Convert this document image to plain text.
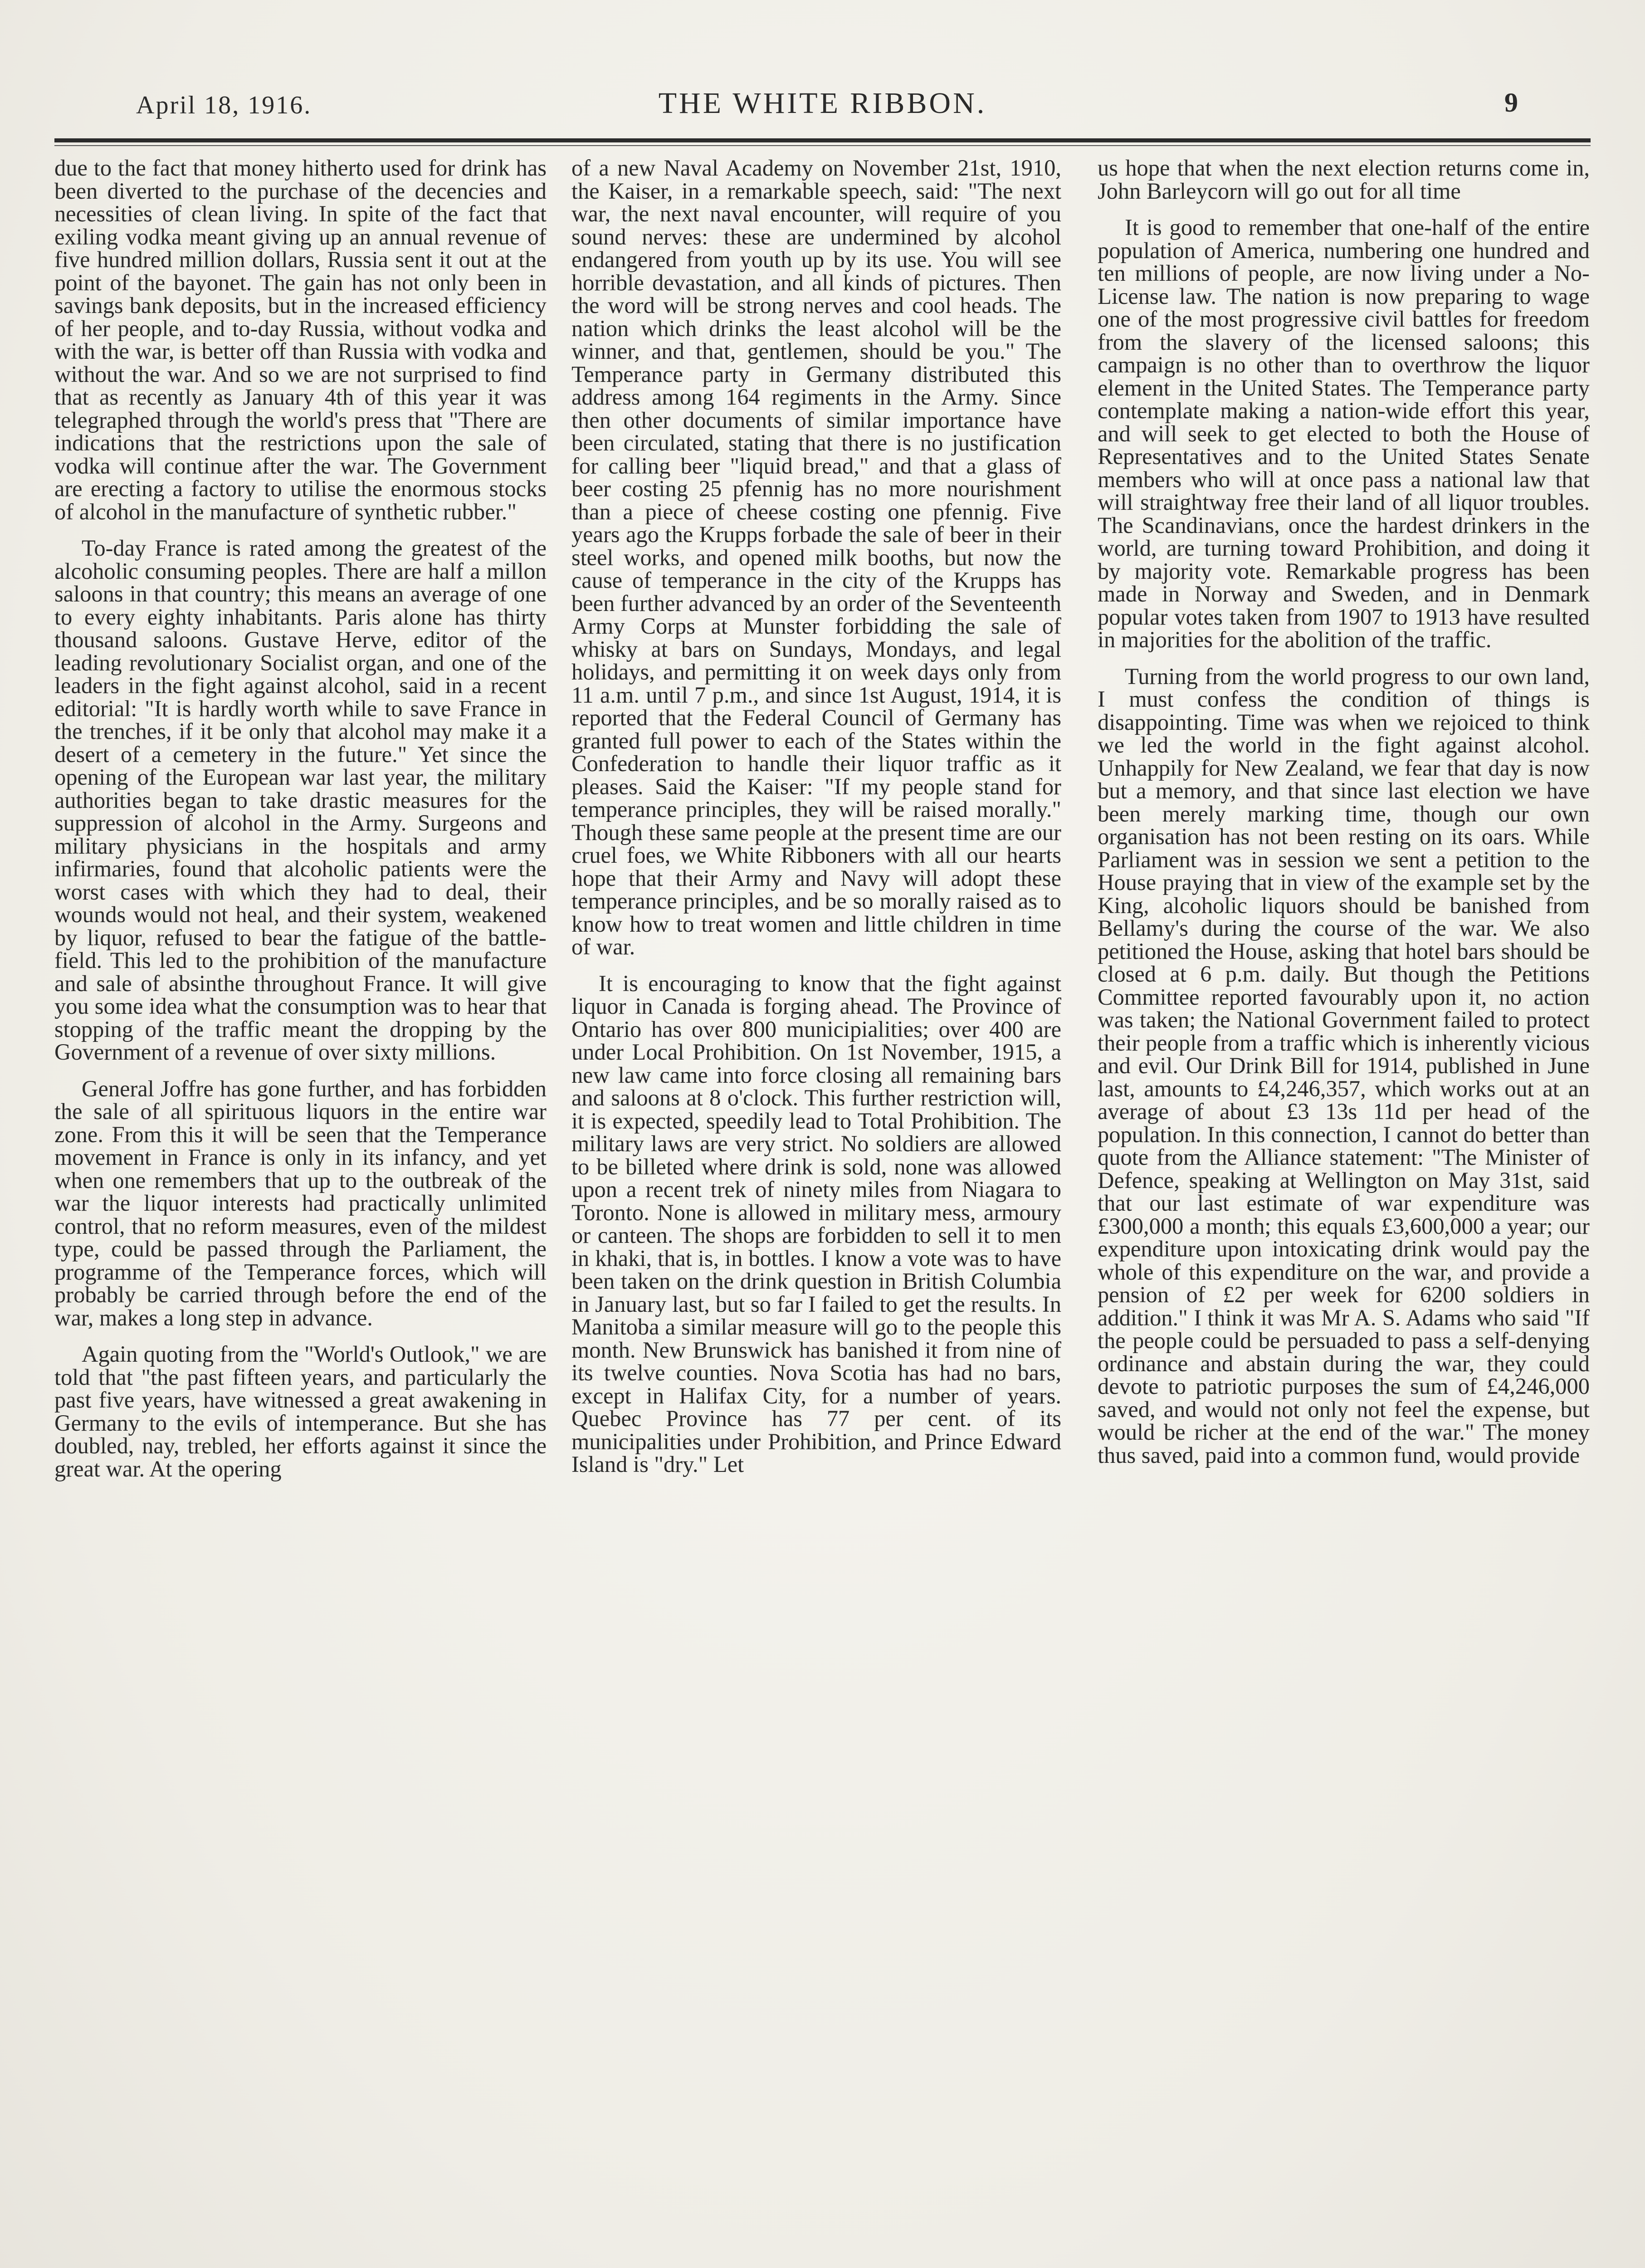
April 18, 1916.	THE WHITE RIBBON.	9

due to the fact that money hitherto used for drink has been diverted to the purchase of the decencies and necessities of clean living. In spite of the fact that exiling vodka meant giving up an annual revenue of five hundred million dollars, Russia sent it out at the point of the bayonet. The gain has not only been in savings bank deposits, but in the increased efficiency of her people, and to-day Russia, without vodka and with the war, is better off than Russia with vodka and without the war. And so we are not surprised to find that as recently as January 4th of this year it was telegraphed through the world's press that "There are indications that the restrictions upon the sale of vodka will continue after the war. The Government are erecting a factory to utilise the enormous stocks of alcohol in the manufacture of synthetic rubber."

To-day France is rated among the greatest of the alcoholic consuming peoples. There are half a millon saloons in that country; this means an average of one to every eighty inhabitants. Paris alone has thirty thousand saloons. Gustave Herve, editor of the leading revolutionary Socialist organ, and one of the leaders in the fight against alcohol, said in a recent editorial: "It is hardly worth while to save France in the trenches, if it be only that alcohol may make it a desert of a cemetery in the future." Yet since the opening of the European war last year, the military authorities began to take drastic measures for the suppression of alcohol in the Army. Surgeons and military physicians in the hospitals and army infirmaries, found that alcoholic patients were the worst cases with which they had to deal, their wounds would not heal, and their system, weakened by liquor, refused to bear the fatigue of the battle-field. This led to the prohibition of the manufacture and sale of absinthe throughout France. It will give you some idea what the consumption was to hear that stopping of the traffic meant the dropping by the Government of a revenue of over sixty millions.

General Joffre has gone further, and has forbidden the sale of all spirituous liquors in the entire war zone. From this it will be seen that the Temperance movement in France is only in its infancy, and yet when one remembers that up to the outbreak of the war the liquor interests had practically unlimited control, that no reform measures, even of the mildest type, could be passed through the Parliament, the programme of the Temperance forces, which will probably be carried through before the end of the war, makes a long step in advance.

Again quoting from the "World's Outlook," we are told that "the past fifteen years, and particularly the past five years, have witnessed a great awakening in Germany to the evils of intemperance. But she has doubled, nay, trebled, her efforts against it since the great war. At the opering

of a new Naval Academy on November 21st, 1910, the Kaiser, in a remarkable speech, said: "The next war, the next naval encounter, will require of you sound nerves: these are undermined by alcohol endangered from youth up by its use. You will see horrible devastation, and all kinds of pictures. Then the word will be strong nerves and cool heads. The nation which drinks the least alcohol will be the winner, and that, gentlemen, should be you." The Temperance party in Germany distributed this address among 164 regiments in the Army. Since then other documents of similar importance have been circulated, stating that there is no justification for calling beer "liquid bread," and that a glass of beer costing 25 pfennig has no more nourishment than a piece of cheese costing one pfennig. Five years ago the Krupps forbade the sale of beer in their steel works, and opened milk booths, but now the cause of temperance in the city of the Krupps has been further advanced by an order of the Seventeenth Army Corps at Munster forbidding the sale of whisky at bars on Sundays, Mondays, and legal holidays, and permitting it on week days only from 11 a.m. until 7 p.m., and since 1st August, 1914, it is reported that the Federal Council of Germany has granted full power to each of the States within the Confederation to handle their liquor traffic as it pleases. Said the Kaiser: "If my people stand for temperance principles, they will be raised morally." Though these same people at the present time are our cruel foes, we White Ribboners with all our hearts hope that their Army and Navy will adopt these temperance principles, and be so morally raised as to know how to treat women and little children in time of war.

It is encouraging to know that the fight against liquor in Canada is forging ahead. The Province of Ontario has over 800 municipialities; over 400 are under Local Prohibition. On 1st November, 1915, a new law came into force closing all remaining bars and saloons at 8 o'clock. This further restriction will, it is expected, speedily lead to Total Prohibition. The military laws are very strict. No soldiers are allowed to be billeted where drink is sold, none was allowed upon a recent trek of ninety miles from Niagara to Toronto. None is allowed in military mess, armoury or canteen. The shops are forbidden to sell it to men in khaki, that is, in bottles. I know a vote was to have been taken on the drink question in British Columbia in January last, but so far I failed to get the results. In Manitoba a similar measure will go to the people this month. New Brunswick has banished it from nine of its twelve counties. Nova Scotia has had no bars, except in Halifax City, for a number of years. Quebec Province has 77 per cent. of its municipalities under Prohibition, and Prince Edward Island is "dry." Let

us hope that when the next election returns come in, John Barleycorn will go out for all time

It is good to remember that one-half of the entire population of America, numbering one hundred and ten millions of people, are now living under a No-License law. The nation is now preparing to wage one of the most progressive civil battles for freedom from the slavery of the licensed saloons; this campaign is no other than to overthrow the liquor element in the United States. The Temperance party contemplate making a nation-wide effort this year, and will seek to get elected to both the House of Representatives and to the United States Senate members who will at once pass a national law that will straightway free their land of all liquor troubles. The Scandinavians, once the hardest drinkers in the world, are turning toward Prohibition, and doing it by majority vote. Remarkable progress has been made in Norway and Sweden, and in Denmark popular votes taken from 1907 to 1913 have resulted in majorities for the abolition of the traffic.

Turning from the world progress to our own land, I must confess the condition of things is disappointing. Time was when we rejoiced to think we led the world in the fight against alcohol. Unhappily for New Zealand, we fear that day is now but a memory, and that since last election we have been merely marking time, though our own organisation has not been resting on its oars. While Parliament was in session we sent a petition to the House praying that in view of the example set by the King, alcoholic liquors should be banished from Bellamy's during the course of the war. We also petitioned the House, asking that hotel bars should be closed at 6 p.m. daily. But though the Petitions Committee reported favourably upon it, no action was taken; the National Government failed to protect their people from a traffic which is inherently vicious and evil. Our Drink Bill for 1914, published in June last, amounts to £4,246,357, which works out at an average of about £3 13s 11d per head of the population. In this connection, I cannot do better than quote from the Alliance statement: "The Minister of Defence, speaking at Wellington on May 31st, said that our last estimate of war expenditure was £300,000 a month; this equals £3,600,000 a year; our expenditure upon intoxicating drink would pay the whole of this expenditure on the war, and provide a pension of £2 per week for 6200 soldiers in addition." I think it was Mr A. S. Adams who said "If the people could be persuaded to pass a self-denying ordinance and abstain during the war, they could devote to patriotic purposes the sum of £4,246,000 saved, and would not only not feel the expense, but would be richer at the end of the war." The money thus saved, paid into a common fund, would provide
